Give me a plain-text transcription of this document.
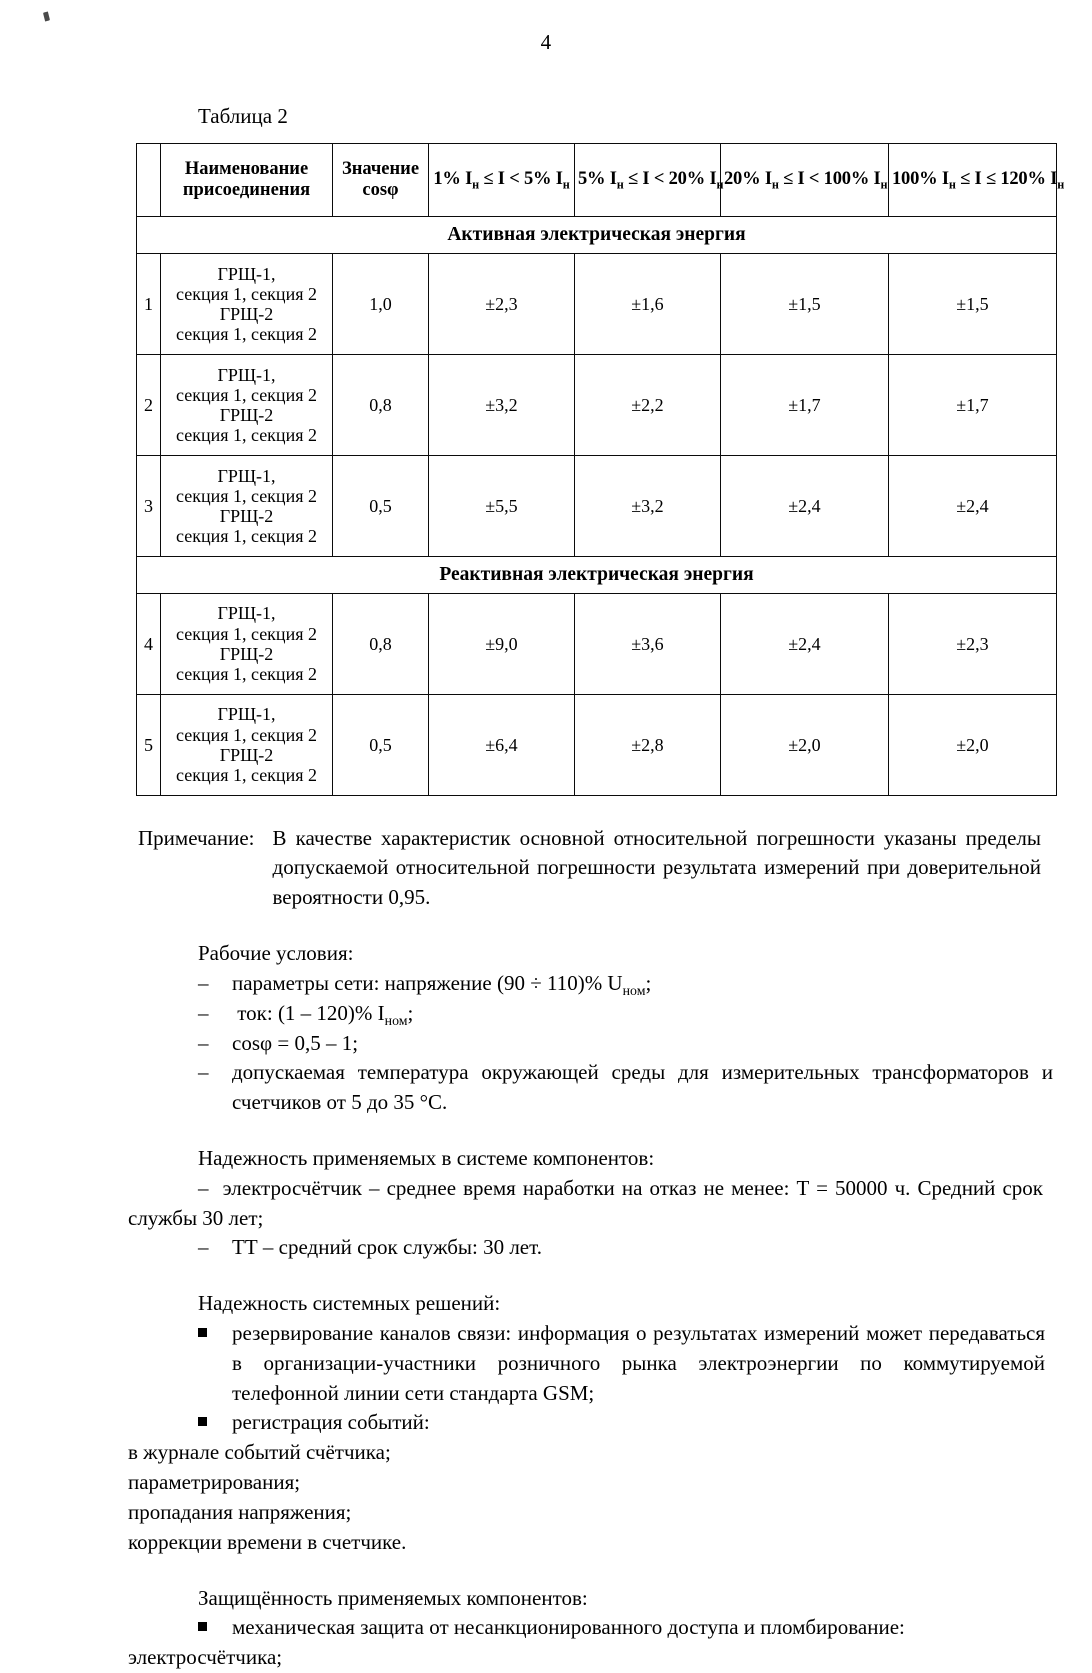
4
Таблица 2
	Наименование
присоединения	Значение
cosφ	1% $I_н \le I < 5\%$ $I_н$	5% $I_н \le I < 20\%$ $I_н$	20% $I_н \le I < 100\%$ $I_н$	100% $I_н \le I \le 120\%$ $I_н$
Активная электрическая энергия						
1	ГРЩ-1,
секция 1, секция 2
ГРЩ-2
секция 1, секция 2	1,0	±2,3	±1,6	±1,5	±1,5
2	ГРЩ-1,
секция 1, секция 2
ГРЩ-2
секция 1, секция 2	0,8	±3,2	±2,2	±1,7	±1,7
3	ГРЩ-1,
секция 1, секция 2
ГРЩ-2
секция 1, секция 2	0,5	±5,5	±3,2	±2,4	±2,4
Реактивная электрическая энергия						
4	ГРЩ-1,
секция 1, секция 2
ГРЩ-2
секция 1, секция 2	0,8	±9,0	±3,6	±2,4	±2,3
5	ГРЩ-1,
секция 1, секция 2
ГРЩ-2
секция 1, секция 2	0,5	±6,4	±2,8	±2,0	±2,0
Примечание: В качестве характеристик основной относительной погрешности указаны пределы допускаемой относительной погрешности результата измерений при доверительной вероятности 0,95.

Рабочие условия:

– параметры сети: напряжение (90 ÷ 110)% $U_{ном}$;
– ток: (1 – 120)% $I_{ном}$;
– cosφ = 0,5 – 1;
– допускаемая температура окружающей среды для измерительных трансформаторов и счетчиков от 5 до 35 °С.

Надежность применяемых в системе компонентов:

–  электросчётчик – среднее время наработки на отказ не менее: T = 50000 ч. Средний срок службы 30 лет;
– ТТ – средний срок службы: 30 лет.

Надежность системных решений:

резервирование каналов связи: информация о результатах измерений может передаваться в организации-участники розничного рынка электроэнергии по коммутируемой телефонной линии сети стандарта GSM;
регистрация событий:

в журнале событий счётчика;

параметрирования;

пропадания напряжения;

коррекции времени в счетчике.

Защищённость применяемых компонентов:

механическая защита от несанкционированного доступа и пломбирование:

электросчётчика;
